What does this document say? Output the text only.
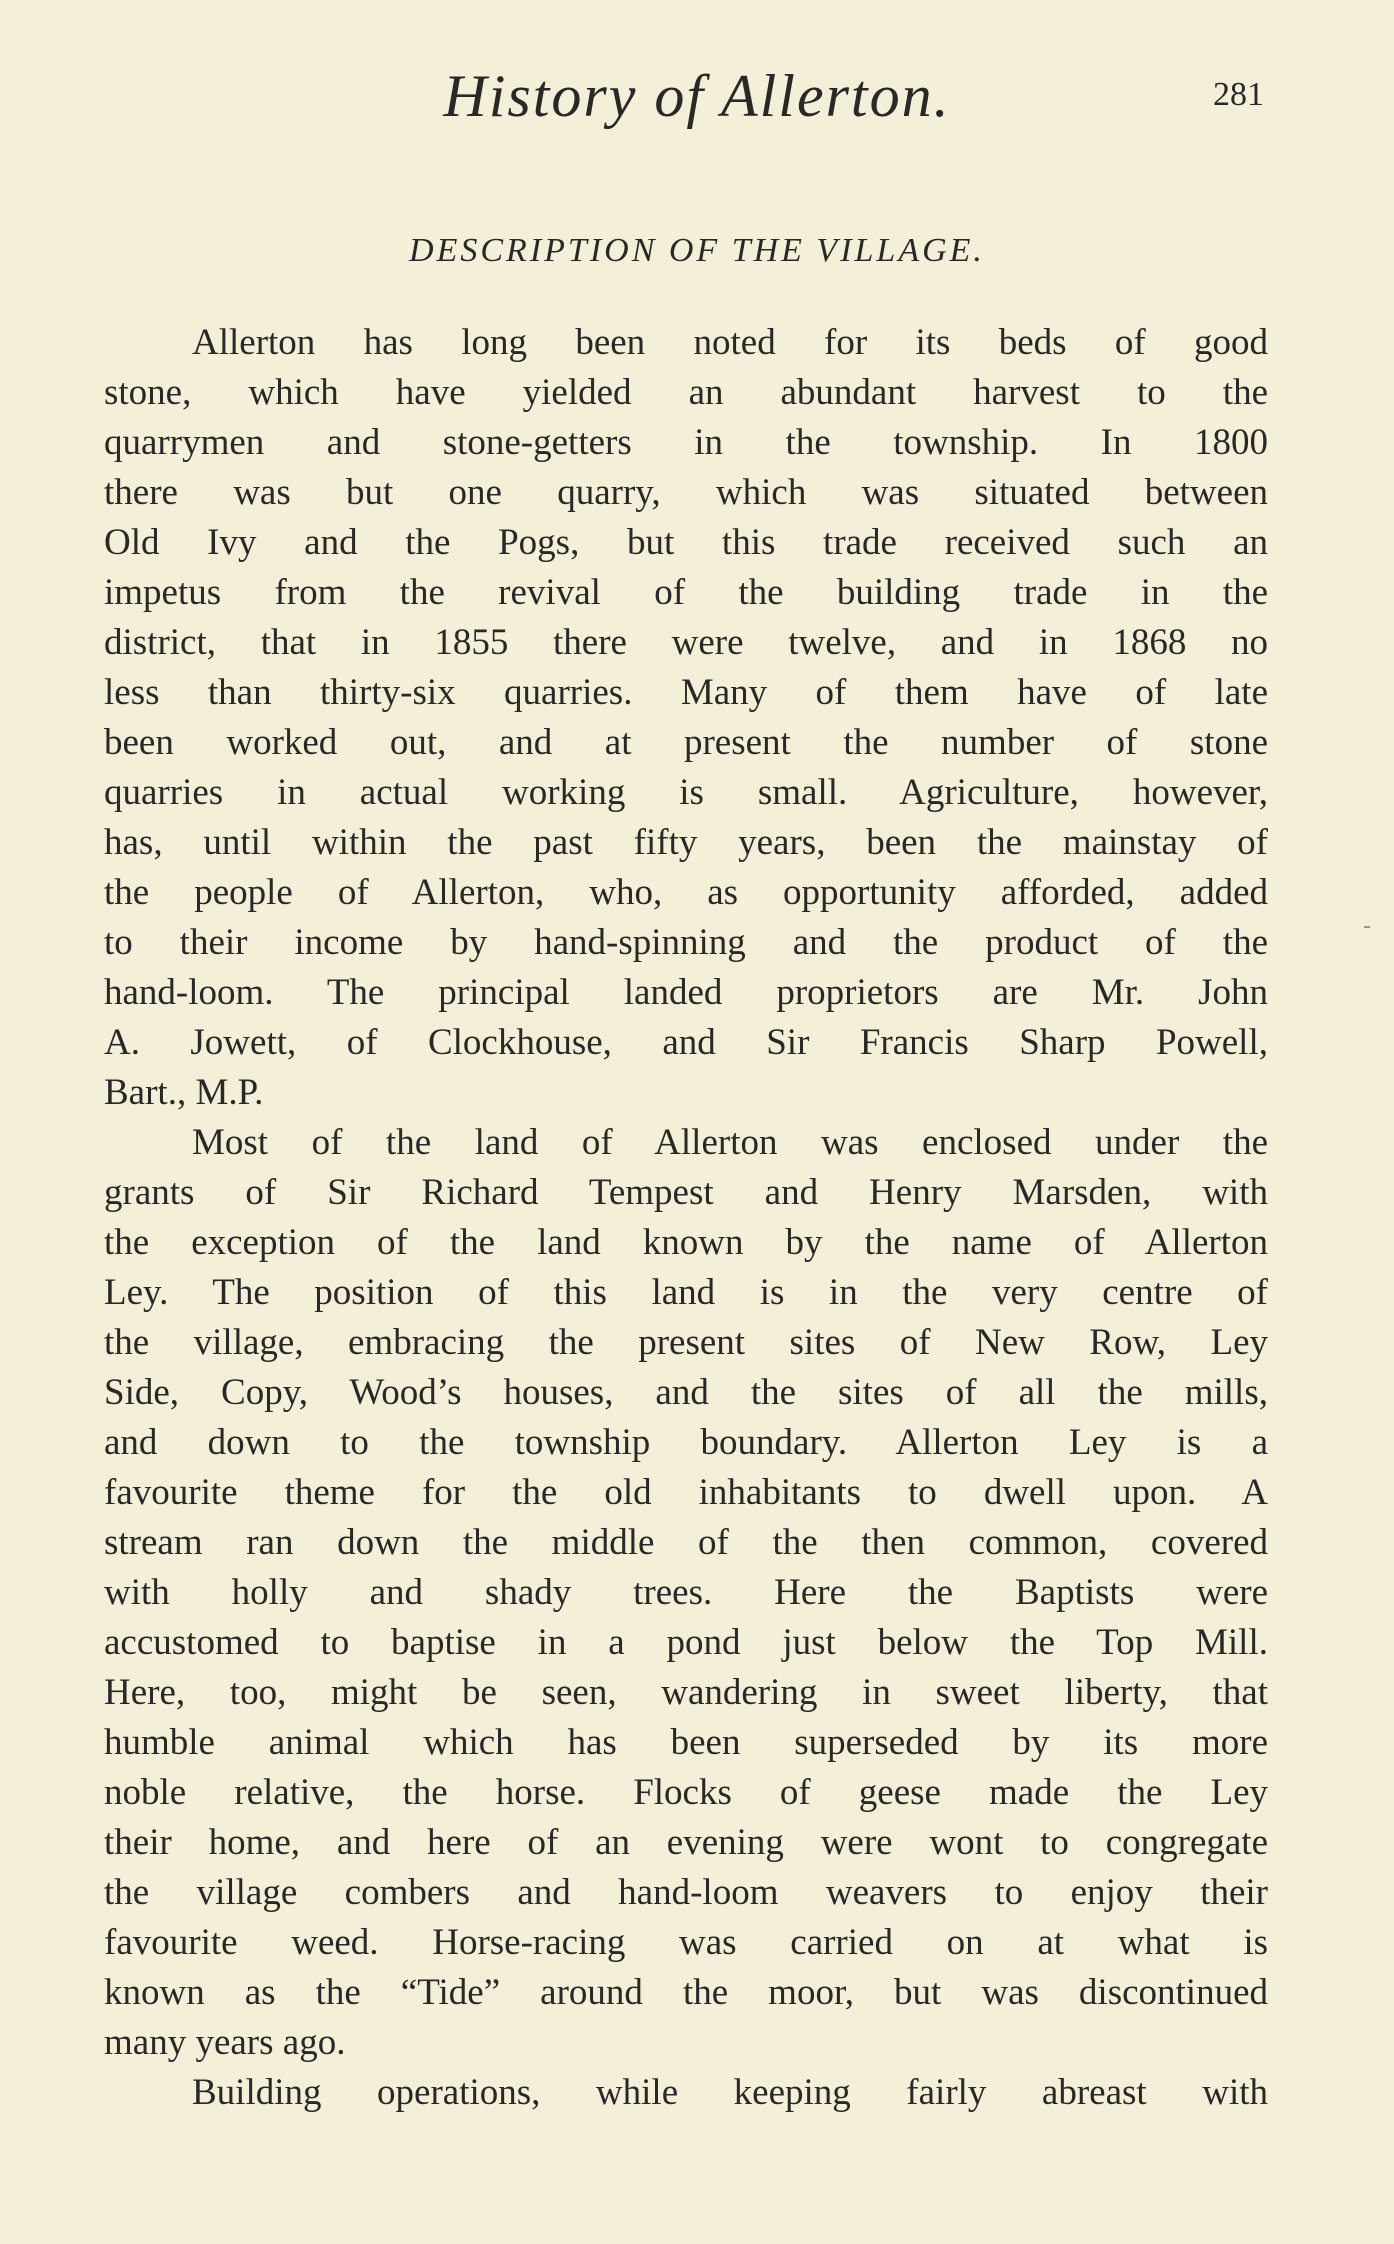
History of Allerton.	281
DESCRIPTION OF THE VILLAGE.
Allerton has long been noted for its beds of good
stone, which have yielded an abundant harvest to the
quarrymen and stone-getters in the township. In 1800
there was but one quarry, which was situated between
Old Ivy and the Pogs, but this trade received such an
impetus from the revival of the building trade in the
district, that in 1855 there were twelve, and in 1868 no
less than thirty-six quarries. Many of them have of late
been worked out, and at present the number of stone
quarries in actual working is small. Agriculture, however,
has, until within the past fifty years, been the mainstay of
the people of Allerton, who, as opportunity afforded, added
to their income by hand-spinning and the product of the
hand-loom. The principal landed proprietors are Mr. John
A. Jowett, of Clockhouse, and Sir Francis Sharp Powell,
Bart., M.P.
Most of the land of Allerton was enclosed under the
grants of Sir Richard Tempest and Henry Marsden, with
the exception of the land known by the name of Allerton
Ley. The position of this land is in the very centre of
the village, embracing the present sites of New Row, Ley
Side, Copy, Wood’s houses, and the sites of all the mills,
and down to the township boundary. Allerton Ley is a
favourite theme for the old inhabitants to dwell upon. A
stream ran down the middle of the then common, covered
with holly and shady trees. Here the Baptists were
accustomed to baptise in a pond just below the Top Mill.
Here, too, might be seen, wandering in sweet liberty, that
humble animal which has been superseded by its more
noble relative, the horse. Flocks of geese made the Ley
their home, and here of an evening were wont to congregate
the village combers and hand-loom weavers to enjoy their
favourite weed. Horse-racing was carried on at what is
known as the “Tide” around the moor, but was discontinued
many years ago.
Building operations, while keeping fairly abreast with
